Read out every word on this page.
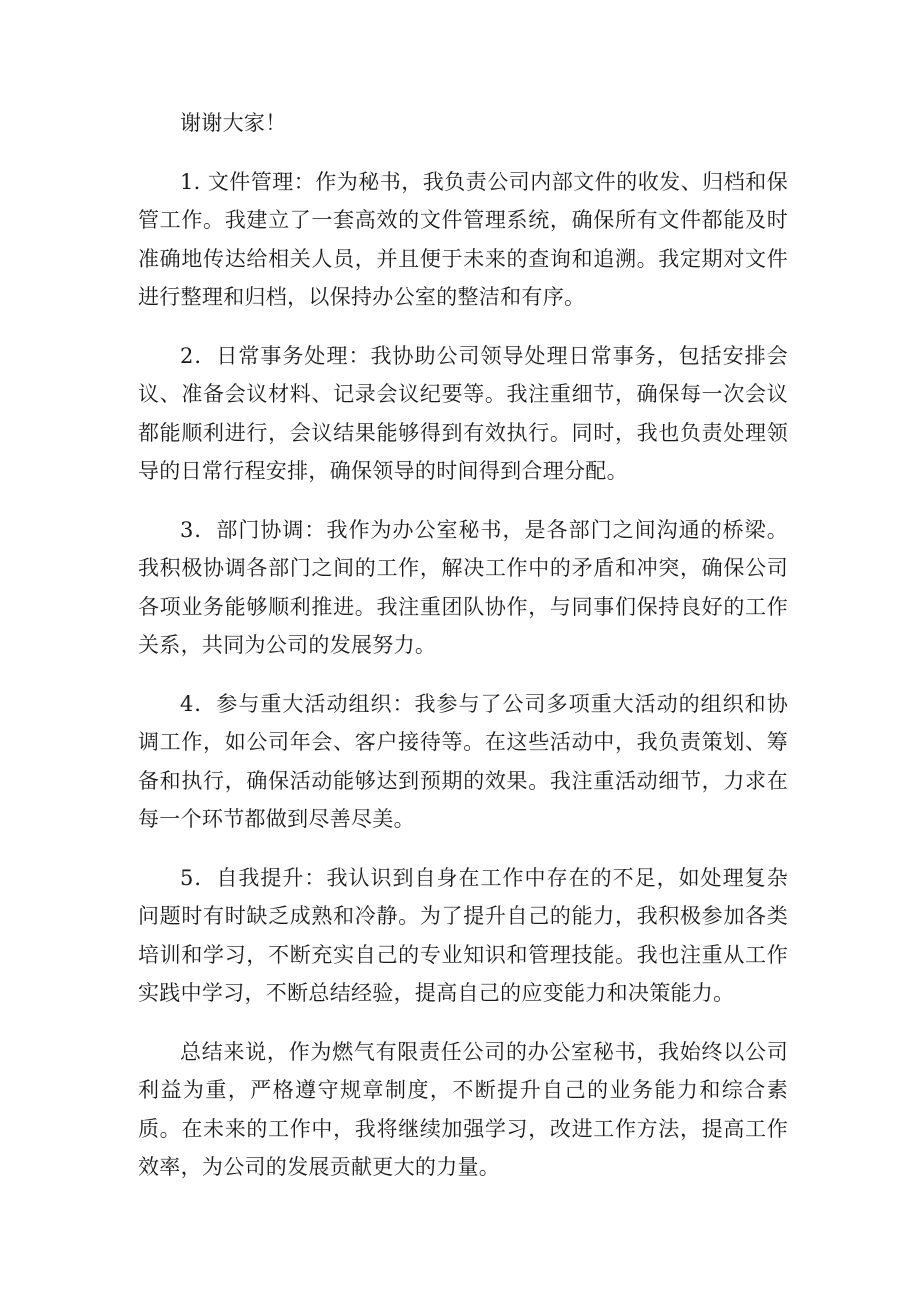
谢谢大家！

1. 文件管理：作为秘书，我负责公司内部文件的收发、归档和保管工作。我建立了一套高效的文件管理系统，确保所有文件都能及时准确地传达给相关人员，并且便于未来的查询和追溯。我定期对文件进行整理和归档，以保持办公室的整洁和有序。

2．日常事务处理：我协助公司领导处理日常事务，包括安排会议、准备会议材料、记录会议纪要等。我注重细节，确保每一次会议都能顺利进行，会议结果能够得到有效执行。同时，我也负责处理领导的日常行程安排，确保领导的时间得到合理分配。

3．部门协调：我作为办公室秘书，是各部门之间沟通的桥梁。我积极协调各部门之间的工作，解决工作中的矛盾和冲突，确保公司各项业务能够顺利推进。我注重团队协作，与同事们保持良好的工作关系，共同为公司的发展努力。

4．参与重大活动组织：我参与了公司多项重大活动的组织和协调工作，如公司年会、客户接待等。在这些活动中，我负责策划、筹备和执行，确保活动能够达到预期的效果。我注重活动细节，力求在每一个环节都做到尽善尽美。

5．自我提升：我认识到自身在工作中存在的不足，如处理复杂问题时有时缺乏成熟和冷静。为了提升自己的能力，我积极参加各类培训和学习，不断充实自己的专业知识和管理技能。我也注重从工作实践中学习，不断总结经验，提高自己的应变能力和决策能力。

总结来说，作为燃气有限责任公司的办公室秘书，我始终以公司利益为重，严格遵守规章制度，不断提升自己的业务能力和综合素质。在未来的工作中，我将继续加强学习，改进工作方法，提高工作效率，为公司的发展贡献更大的力量。
